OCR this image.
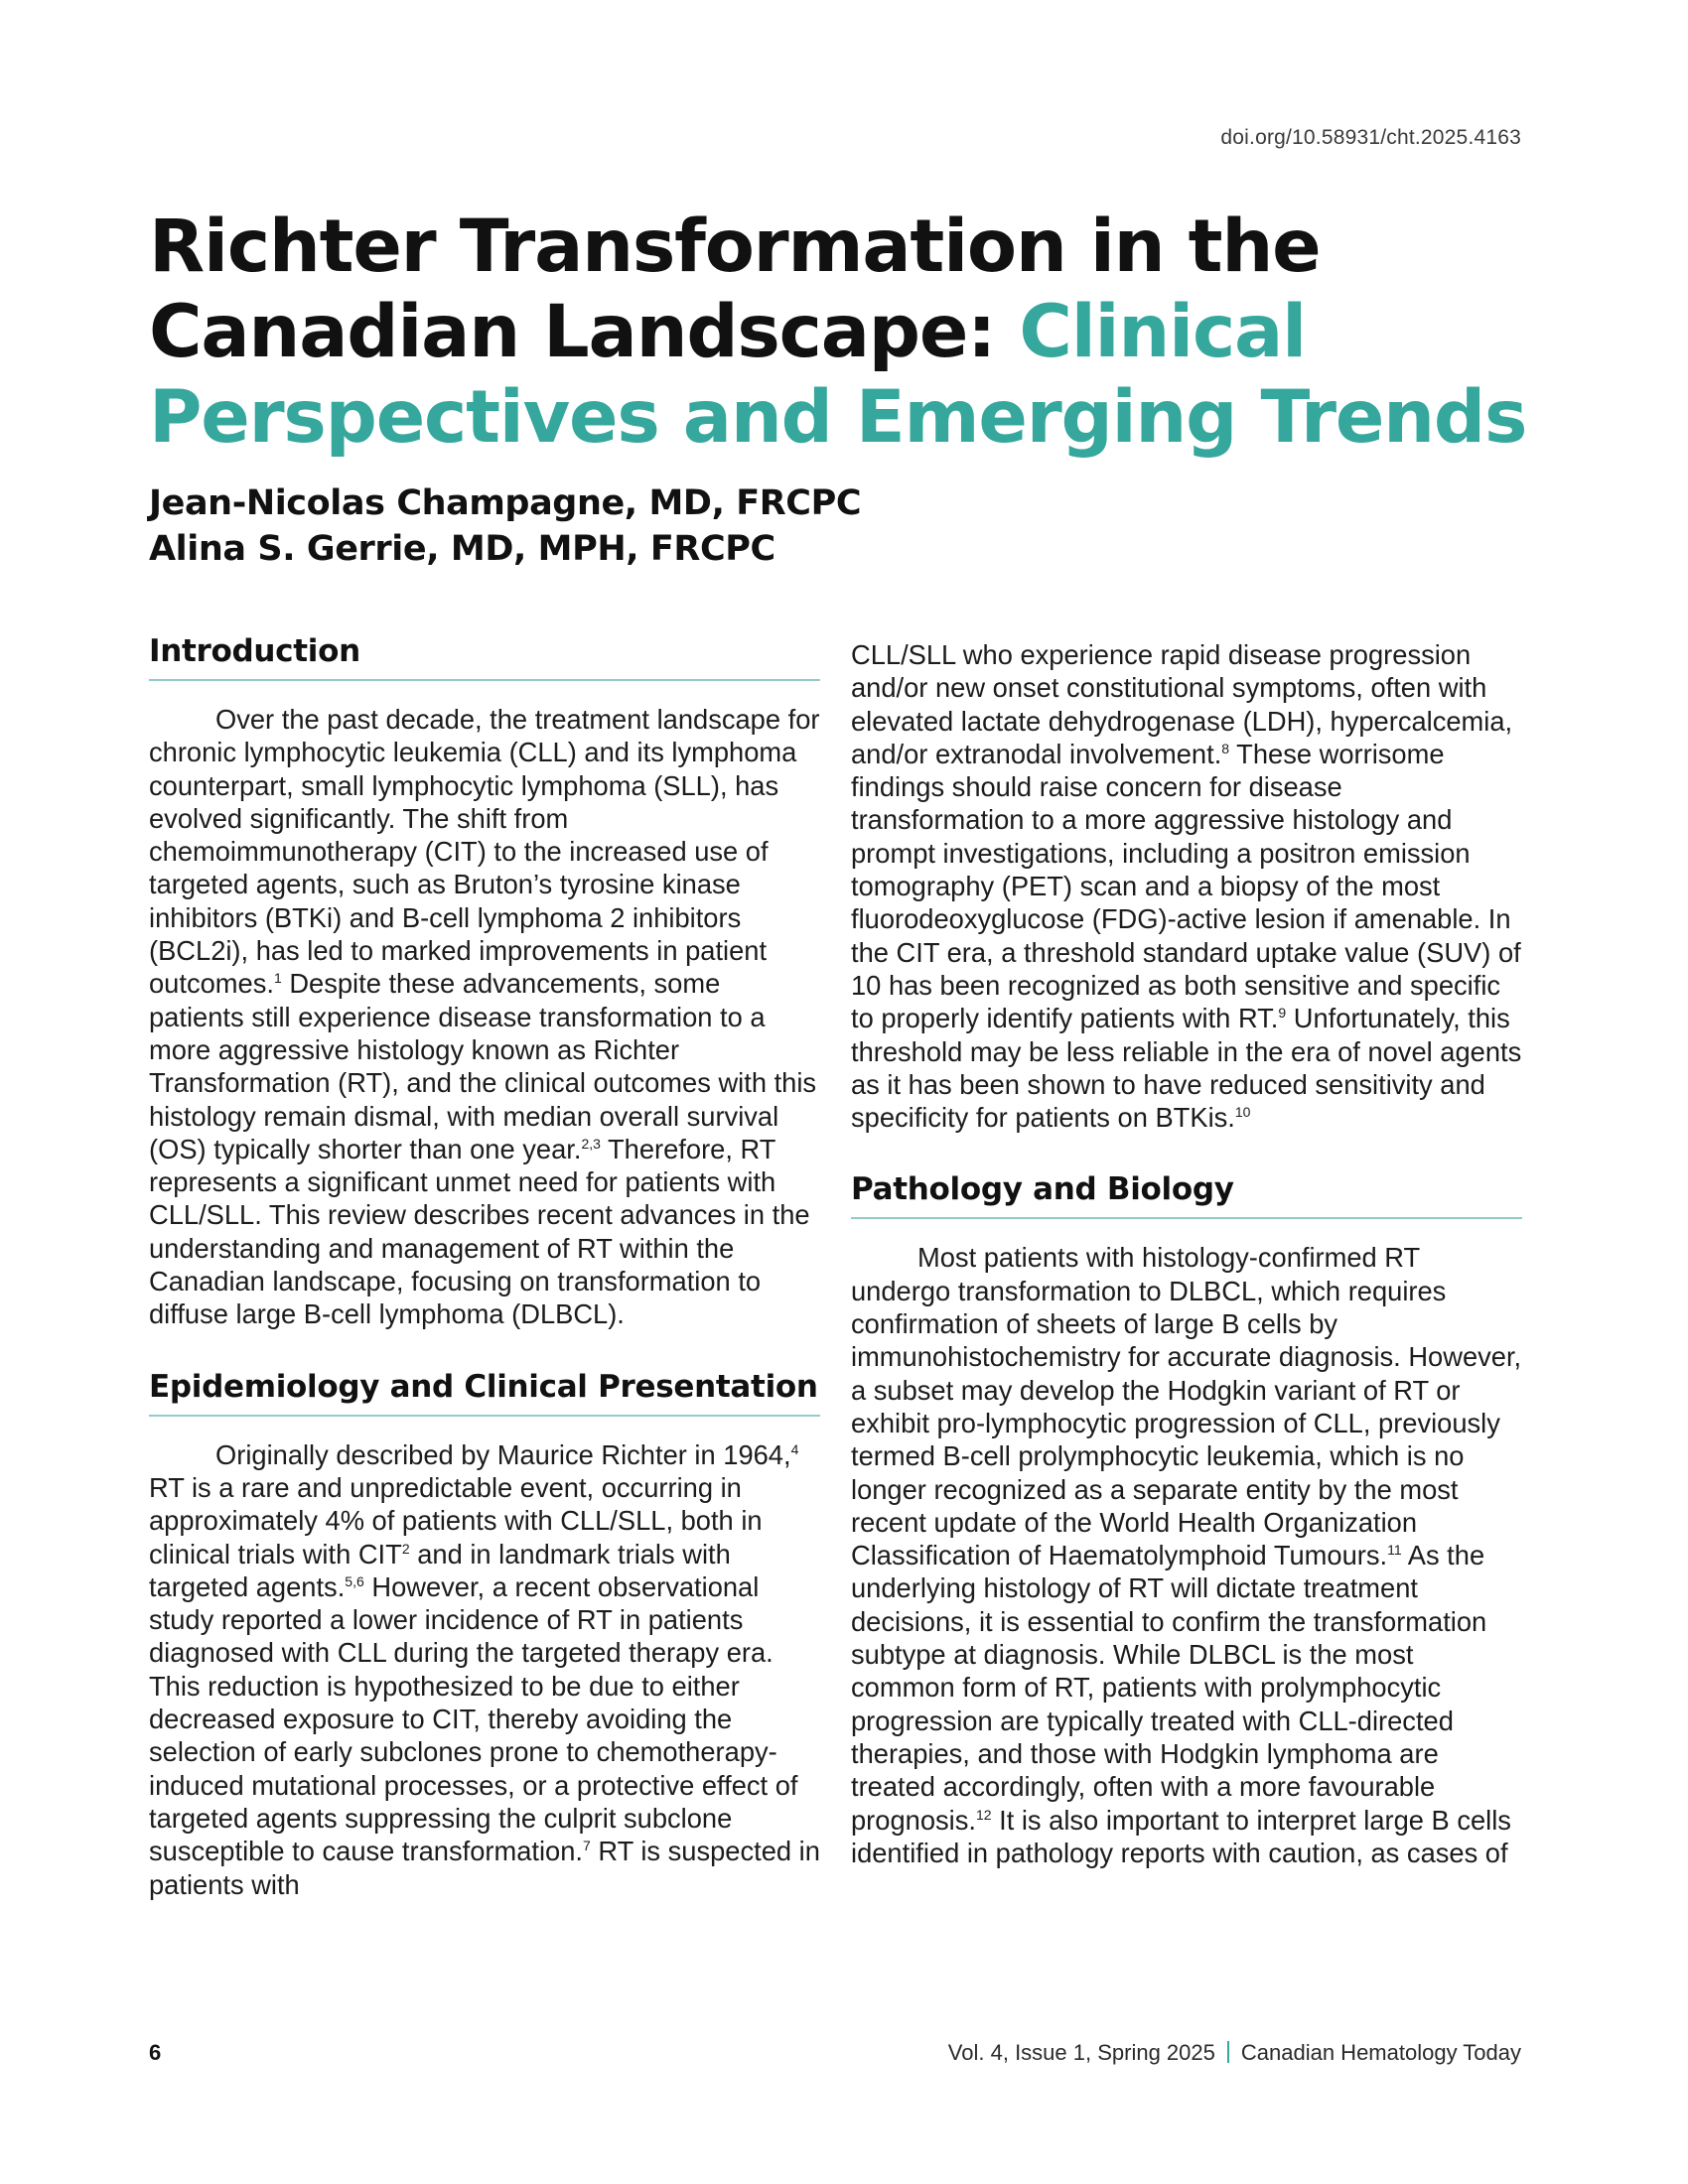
doi.org/10.58931/cht.2025.4163
Richter Transformation in the
Canadian Landscape: Clinical
Perspectives and Emerging Trends
Jean-Nicolas Champagne, MD, FRCPC
Alina S. Gerrie, MD, MPH, FRCPC
Introduction

Over the past decade, the treatment landscape for chronic lymphocytic leukemia (CLL) and its lymphoma counterpart, small lymphocytic lymphoma (SLL), has evolved significantly. The shift from chemoimmunotherapy (CIT) to the increased use of targeted agents, such as Bruton’s tyrosine kinase inhibitors (BTKi) and B-cell lymphoma 2 inhibitors (BCL2i), has led to marked improvements in patient outcomes.$^1$ Despite these advancements, some patients still experience disease transformation to a more aggressive histology known as Richter Transformation (RT), and the clinical outcomes with this histology remain dismal, with median overall survival (OS) typically shorter than one year.$^{2,3}$ Therefore, RT represents a significant unmet need for patients with CLL/SLL. This review describes recent advances in the understanding and management of RT within the Canadian landscape, focusing on transformation to diffuse large B-cell lymphoma (DLBCL).

Epidemiology and Clinical Presentation

Originally described by Maurice Richter in 1964,$^4$ RT is a rare and unpredictable event, occurring in approximately 4% of patients with CLL/SLL, both in clinical trials with CIT$^2$ and in landmark trials with targeted agents.$^{5,6}$ However, a recent observational study reported a lower incidence of RT in patients diagnosed with CLL during the targeted therapy era. This reduction is hypothesized to be due to either decreased exposure to CIT, thereby avoiding the selection of early subclones prone to chemotherapy-induced mutational processes, or a protective effect of targeted agents suppressing the culprit subclone susceptible to cause transformation.$^7$ RT is suspected in patients with

CLL/SLL who experience rapid disease progression and/or new onset constitutional symptoms, often with elevated lactate dehydrogenase (LDH), hypercalcemia, and/or extranodal involvement.$^8$ These worrisome findings should raise concern for disease transformation to a more aggressive histology and prompt investigations, including a positron emission tomography (PET) scan and a biopsy of the most fluorodeoxyglucose (FDG)-active lesion if amenable. In the CIT era, a threshold standard uptake value (SUV) of 10 has been recognized as both sensitive and specific to properly identify patients with RT.$^9$ Unfortunately, this threshold may be less reliable in the era of novel agents as it has been shown to have reduced sensitivity and specificity for patients on BTKis.$^{10}$

Pathology and Biology

Most patients with histology-confirmed RT undergo transformation to DLBCL, which requires confirmation of sheets of large B cells by immunohistochemistry for accurate diagnosis. However, a subset may develop the Hodgkin variant of RT or exhibit pro-lymphocytic progression of CLL, previously termed B-cell prolymphocytic leukemia, which is no longer recognized as a separate entity by the most recent update of the World Health Organization Classification of Haematolymphoid Tumours.$^{11}$ As the underlying histology of RT will dictate treatment decisions, it is essential to confirm the transformation subtype at diagnosis. While DLBCL is the most common form of RT, patients with prolymphocytic progression are typically treated with CLL-directed therapies, and those with Hodgkin lymphoma are treated accordingly, often with a more favourable prognosis.$^{12}$ It is also important to interpret large B cells identified in pathology reports with caution, as cases of

6	Vol. 4, Issue 1, Spring 2025 Canadian Hematology Today
